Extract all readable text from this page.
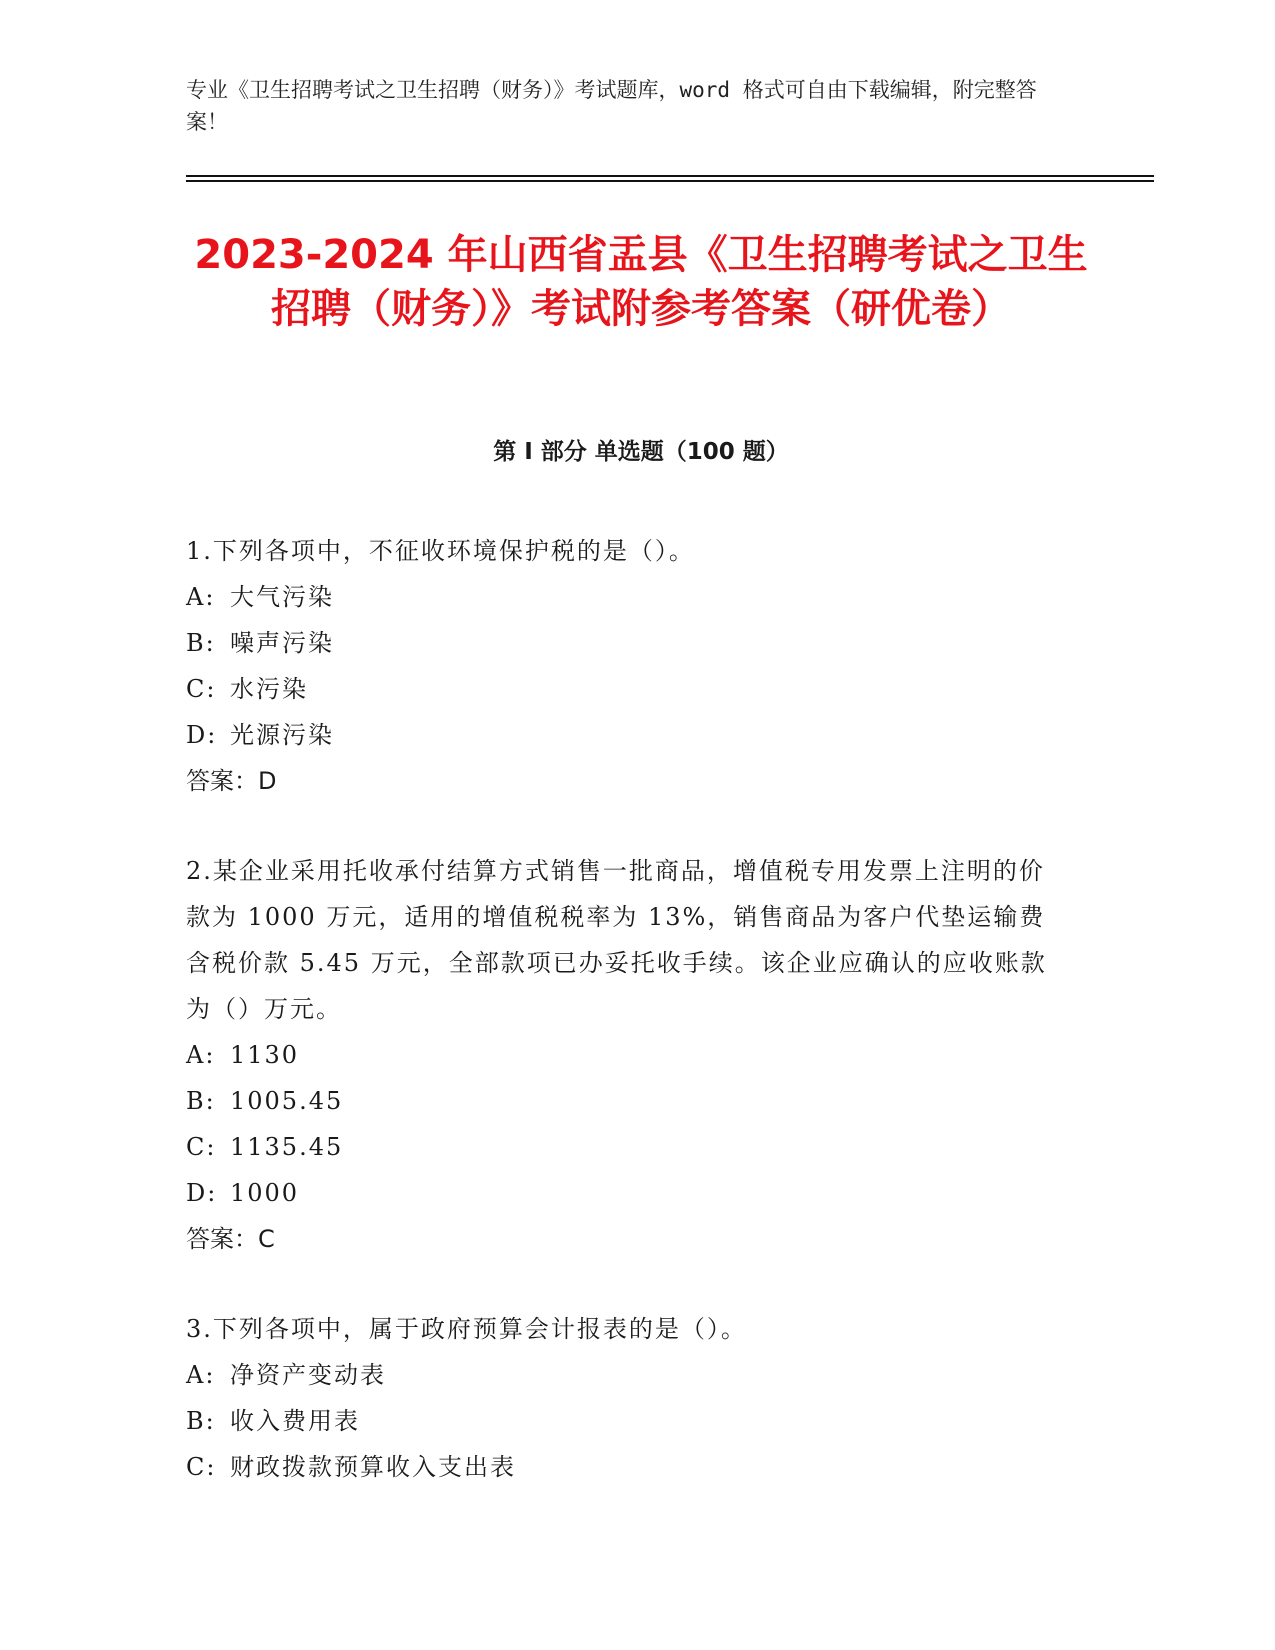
专业《卫生招聘考试之卫生招聘（财务）》考试题库，word 格式可自由下载编辑，附完整答案！

2023-2024 年山西省盂县《卫生招聘考试之卫生招聘（财务）》考试附参考答案（研优卷）
第 I 部分 单选题（100 题）

1.下列各项中，不征收环境保护税的是（）。

A: 大气污染

B: 噪声污染

C: 水污染

D: 光源污染

答案：D

2.某企业采用托收承付结算方式销售一批商品，增值税专用发票上注明的价款为 1000 万元，适用的增值税税率为 13%，销售商品为客户代垫运输费含税价款 5.45 万元，全部款项已办妥托收手续。该企业应确认的应收账款为（）万元。

A: 1130

B: 1005.45

C: 1135.45

D: 1000

答案：C

3.下列各项中，属于政府预算会计报表的是（）。

A: 净资产变动表

B: 收入费用表

C: 财政拨款预算收入支出表
